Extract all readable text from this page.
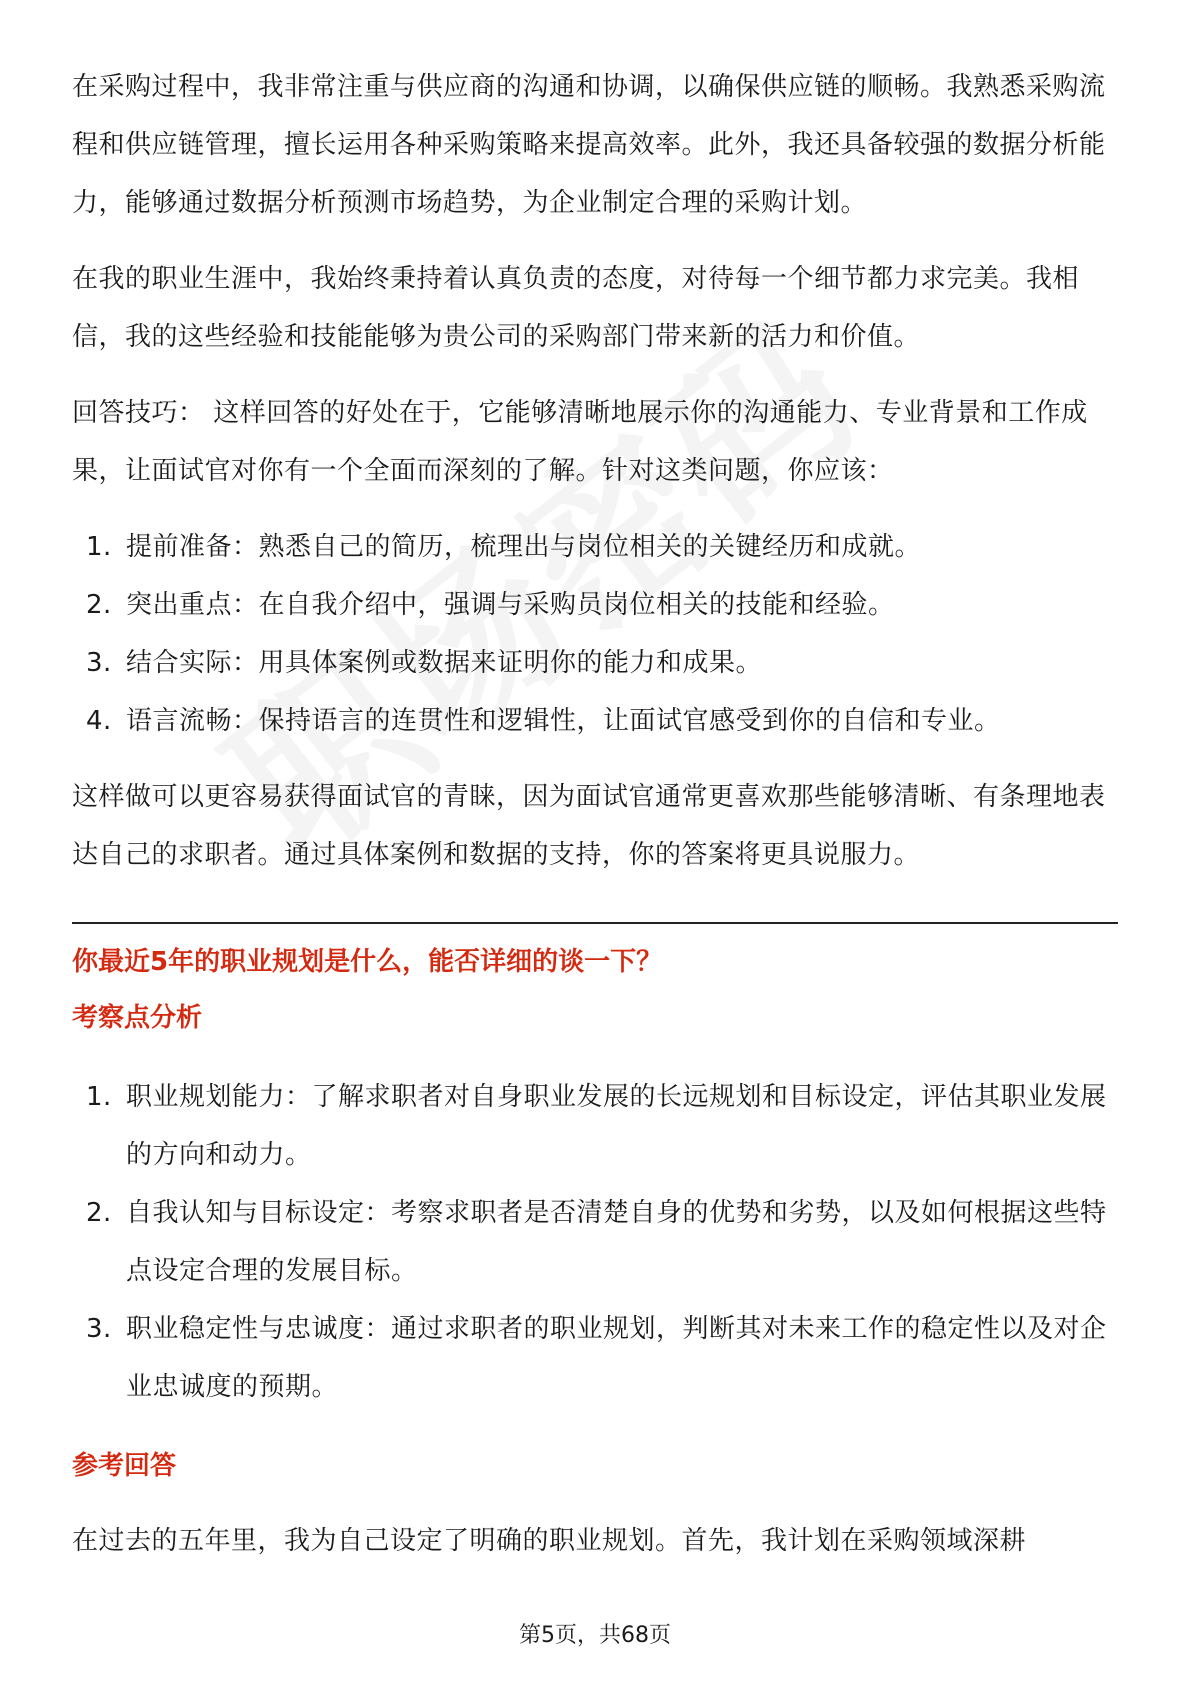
在采购过程中，我非常注重与供应商的沟通和协调，以确保供应链的顺畅。我熟悉采购流程和供应链管理，擅长运用各种采购策略来提高效率。此外，我还具备较强的数据分析能力，能够通过数据分析预测市场趋势，为企业制定合理的采购计划。

在我的职业生涯中，我始终秉持着认真负责的态度，对待每一个细节都力求完美。我相信，我的这些经验和技能能够为贵公司的采购部门带来新的活力和价值。

回答技巧： 这样回答的好处在于，它能够清晰地展示你的沟通能力、专业背景和工作成果，让面试官对你有一个全面而深刻的了解。针对这类问题，你应该：

1. 提前准备：熟悉自己的简历，梳理出与岗位相关的关键经历和成就。
2. 突出重点：在自我介绍中，强调与采购员岗位相关的技能和经验。
3. 结合实际：用具体案例或数据来证明你的能力和成果。
4. 语言流畅：保持语言的连贯性和逻辑性，让面试官感受到你的自信和专业。

这样做可以更容易获得面试官的青睐，因为面试官通常更喜欢那些能够清晰、有条理地表达自己的求职者。通过具体案例和数据的支持，你的答案将更具说服力。

你最近5年的职业规划是什么，能否详细的谈一下？

考察点分析

1. 职业规划能力：了解求职者对自身职业发展的长远规划和目标设定，评估其职业发展的方向和动力。
2. 自我认知与目标设定：考察求职者是否清楚自身的优势和劣势，以及如何根据这些特点设定合理的发展目标。
3. 职业稳定性与忠诚度：通过求职者的职业规划，判断其对未来工作的稳定性以及对企业忠诚度的预期。

参考回答

在过去的五年里，我为自己设定了明确的职业规划。首先，我计划在采购领域深耕

第5页，共68页
